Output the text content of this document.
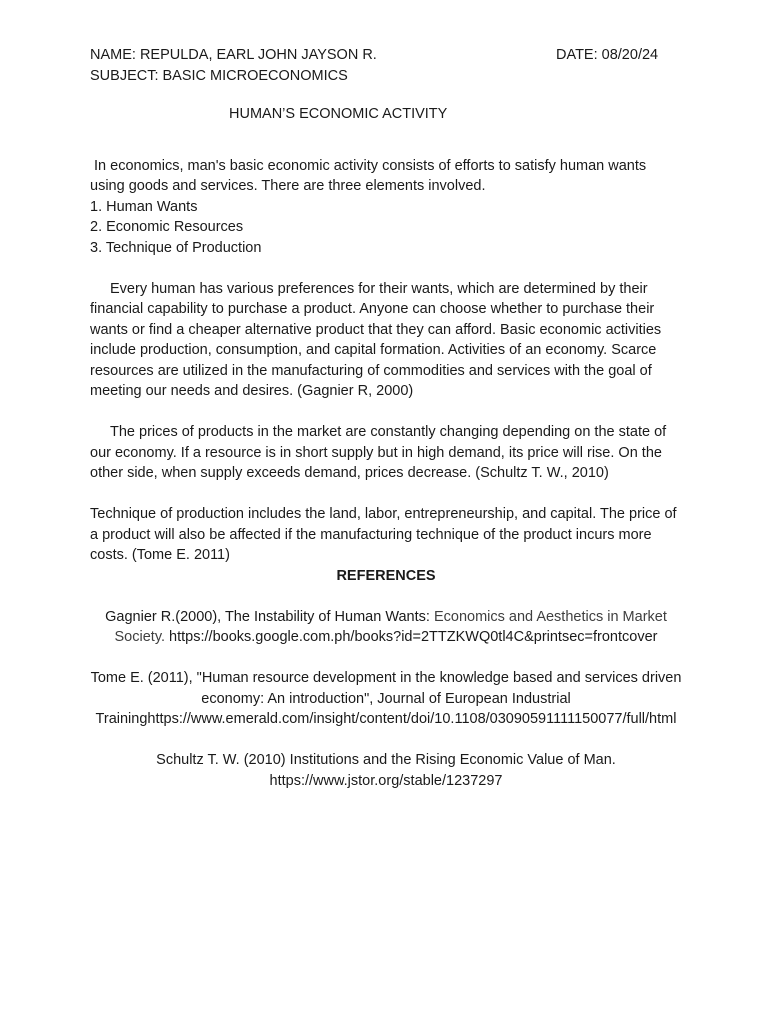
NAME: REPULDA, EARL JOHN JAYSON R.	DATE: 08/20/24
SUBJECT: BASIC MICROECONOMICS
HUMAN’S ECONOMIC ACTIVITY

In economics, man's basic economic activity consists of efforts to satisfy human wants using goods and services. There are three elements involved.

1. Human Wants
2. Economic Resources
3. Technique of Production

Every human has various preferences for their wants, which are determined by their financial capability to purchase a product. Anyone can choose whether to purchase their wants or find a cheaper alternative product that they can afford. Basic economic activities include production, consumption, and capital formation. Activities of an economy. Scarce resources are utilized in the manufacturing of commodities and services with the goal of meeting our needs and desires. (Gagnier R, 2000)

The prices of products in the market are constantly changing depending on the state of our economy. If a resource is in short supply but in high demand, its price will rise. On the other side, when supply exceeds demand, prices decrease. (Schultz T. W., 2010)

Technique of production includes the land, labor, entrepreneurship, and capital. The price of a product will also be affected if the manufacturing technique of the product incurs more costs. (Tome E. 2011)

REFERENCES

Gagnier R.(2000), The Instability of Human Wants: Economics and Aesthetics in Market Society. https://books.google.com.ph/books?id=2TTZKWQ0tl4C&printsec=frontcover

Tome E. (2011), "Human resource development in the knowledge based and services driven economy: An introduction", Journal of European Industrial Traininghttps://www.emerald.com/insight/content/doi/10.1108/03090591111150077/full/html

Schultz T. W. (2010) Institutions and the Rising Economic Value of Man.
https://www.jstor.org/stable/1237297
